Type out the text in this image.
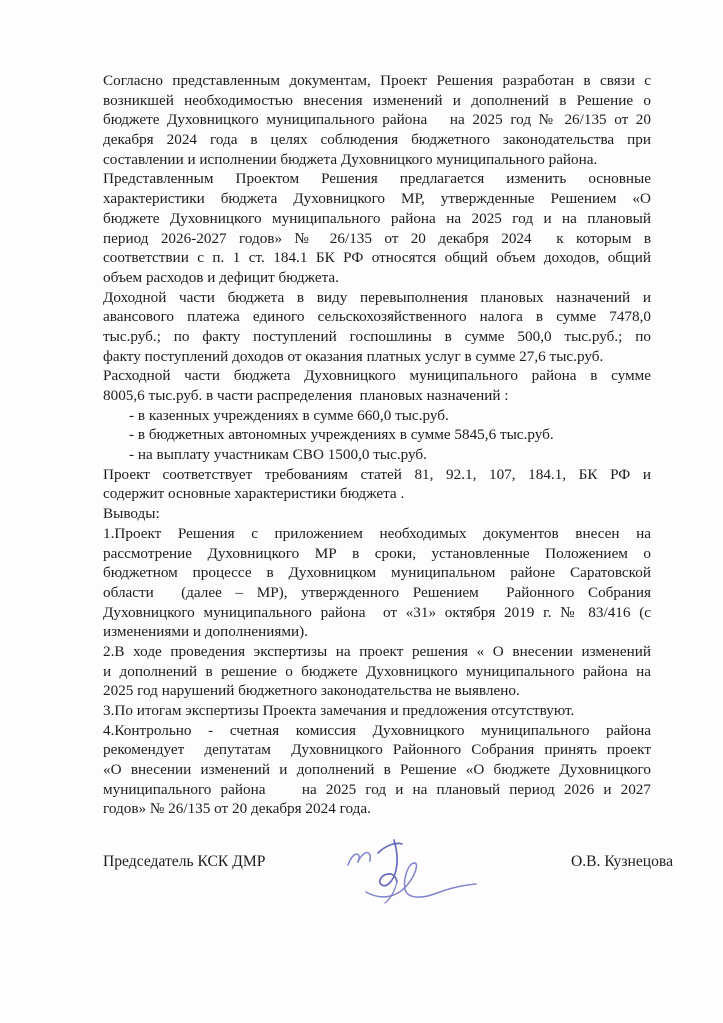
Согласно представленным документам, Проект Решения разработан в связи с
возникшей необходимостью внесения изменений и дополнений в Решение о
бюджете Духовницкого муниципального района   на 2025 год № 26/135 от 20
декабря 2024 года в целях соблюдения бюджетного законодательства при
составлении и исполнении бюджета Духовницкого муниципального района.
Представленным Проектом Решения предлагается изменить основные
характеристики бюджета Духовницкого МР, утвержденные Решением «О
бюджете Духовницкого муниципального района на 2025 год и на плановый
период 2026-2027 годов» № 26/135 от 20 декабря 2024  к которым в
соответствии с п. 1 ст. 184.1 БК РФ относятся общий объем доходов, общий
объем расходов и дефицит бюджета.
Доходной части бюджета в виду перевыполнения плановых назначений и
авансового платежа единого сельскохозяйственного налога в сумме 7478,0
тыс.руб.; по факту поступлений госпошлины в сумме 500,0 тыс.руб.; по
факту поступлений доходов от оказания платных услуг в сумме 27,6 тыс.руб.
Расходной части бюджета Духовницкого муниципального района в сумме
8005,6 тыс.руб. в части распределения  плановых назначений :
- в казенных учреждениях в сумме 660,0 тыс.руб.
- в бюджетных автономных учреждениях в сумме 5845,6 тыс.руб.
- на выплату участникам СВО 1500,0 тыс.руб.
Проект соответствует требованиям статей 81, 92.1, 107, 184.1, БК РФ и
содержит основные характеристики бюджета .
Выводы:
1.Проект Решения с приложением необходимых документов внесен на
рассмотрение Духовницкого МР в сроки, установленные Положением о
бюджетном процессе в Духовницком муниципальном районе Саратовской
области  (далее – МР), утвержденного Решением  Районного Собрания
Духовницкого муниципального района  от «31» октября 2019 г. № 83/416 (с
изменениями и дополнениями).
2.В ходе проведения экспертизы на проект решения « О внесении изменений
и дополнений в решение о бюджете Духовницкого муниципального района на
2025 год нарушений бюджетного законодательства не выявлено.
3.По итогам экспертизы Проекта замечания и предложения отсутствуют.
4.Контрольно - счетная комиссия Духовницкого муниципального района
рекомендует  депутатам  Духовницкого Районного Собрания принять проект
«О внесении изменений и дополнений в Решение «О бюджете Духовницкого
муниципального района    на 2025 год и на плановый период 2026 и 2027
годов» № 26/135 от 20 декабря 2024 года.
Председатель КСК ДМР	О.В. Кузнецова
